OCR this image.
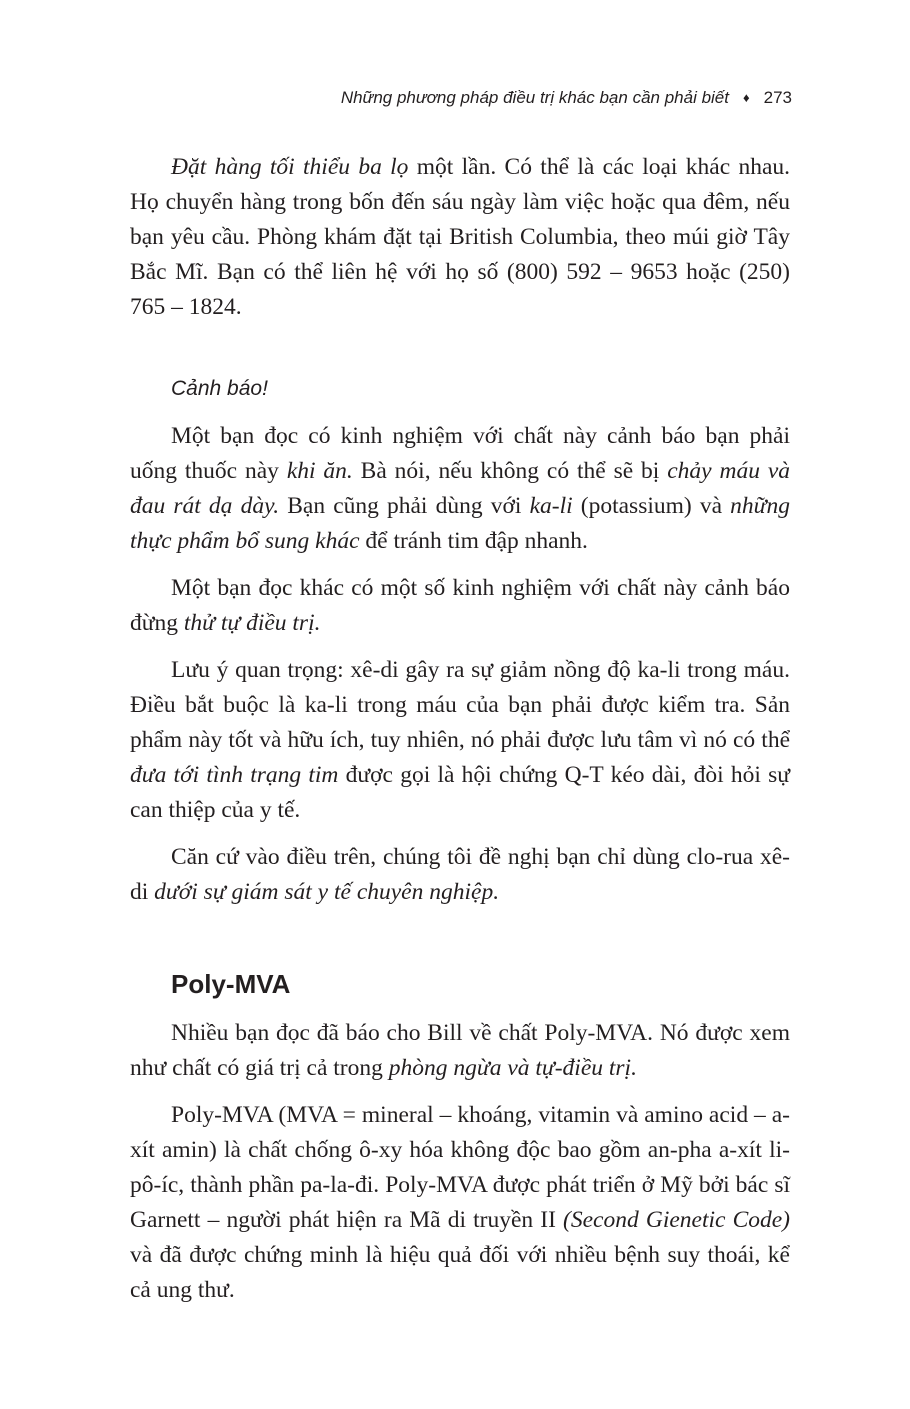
Những phương pháp điều trị khác bạn cần phải biết ♦ 273

Đặt hàng tối thiểu ba lọ một lần. Có thể là các loại khác nhau. Họ chuyển hàng trong bốn đến sáu ngày làm việc hoặc qua đêm, nếu bạn yêu cầu. Phòng khám đặt tại British Columbia, theo múi giờ Tây Bắc Mĩ. Bạn có thể liên hệ với họ số (800) 592 – 9653 hoặc (250) 765 – 1824.

Cảnh báo!

Một bạn đọc có kinh nghiệm với chất này cảnh báo bạn phải uống thuốc này khi ăn. Bà nói, nếu không có thể sẽ bị chảy máu và đau rát dạ dày. Bạn cũng phải dùng với ka-li (potassium) và những thực phẩm bổ sung khác để tránh tim đập nhanh.

Một bạn đọc khác có một số kinh nghiệm với chất này cảnh báo đừng thử tự điều trị.

Lưu ý quan trọng: xê-di gây ra sự giảm nồng độ ka-li trong máu. Điều bắt buộc là ka-li trong máu của bạn phải được kiểm tra. Sản phẩm này tốt và hữu ích, tuy nhiên, nó phải được lưu tâm vì nó có thể đưa tới tình trạng tim được gọi là hội chứng Q-T kéo dài, đòi hỏi sự can thiệp của y tế.

Căn cứ vào điều trên, chúng tôi đề nghị bạn chỉ dùng clo-rua xê-di dưới sự giám sát y tế chuyên nghiệp.

Poly-MVA

Nhiều bạn đọc đã báo cho Bill về chất Poly-MVA. Nó được xem như chất có giá trị cả trong phòng ngừa và tự-điều trị.

Poly-MVA (MVA = mineral – khoáng, vitamin và amino acid – a-xít amin) là chất chống ô-xy hóa không độc bao gồm an-pha a-xít li-pô-íc, thành phần pa-la-đi. Poly-MVA được phát triển ở Mỹ bởi bác sĩ Garnett – người phát hiện ra Mã di truyền II (Second Gienetic Code) và đã được chứng minh là hiệu quả đối với nhiều bệnh suy thoái, kể cả ung thư.
